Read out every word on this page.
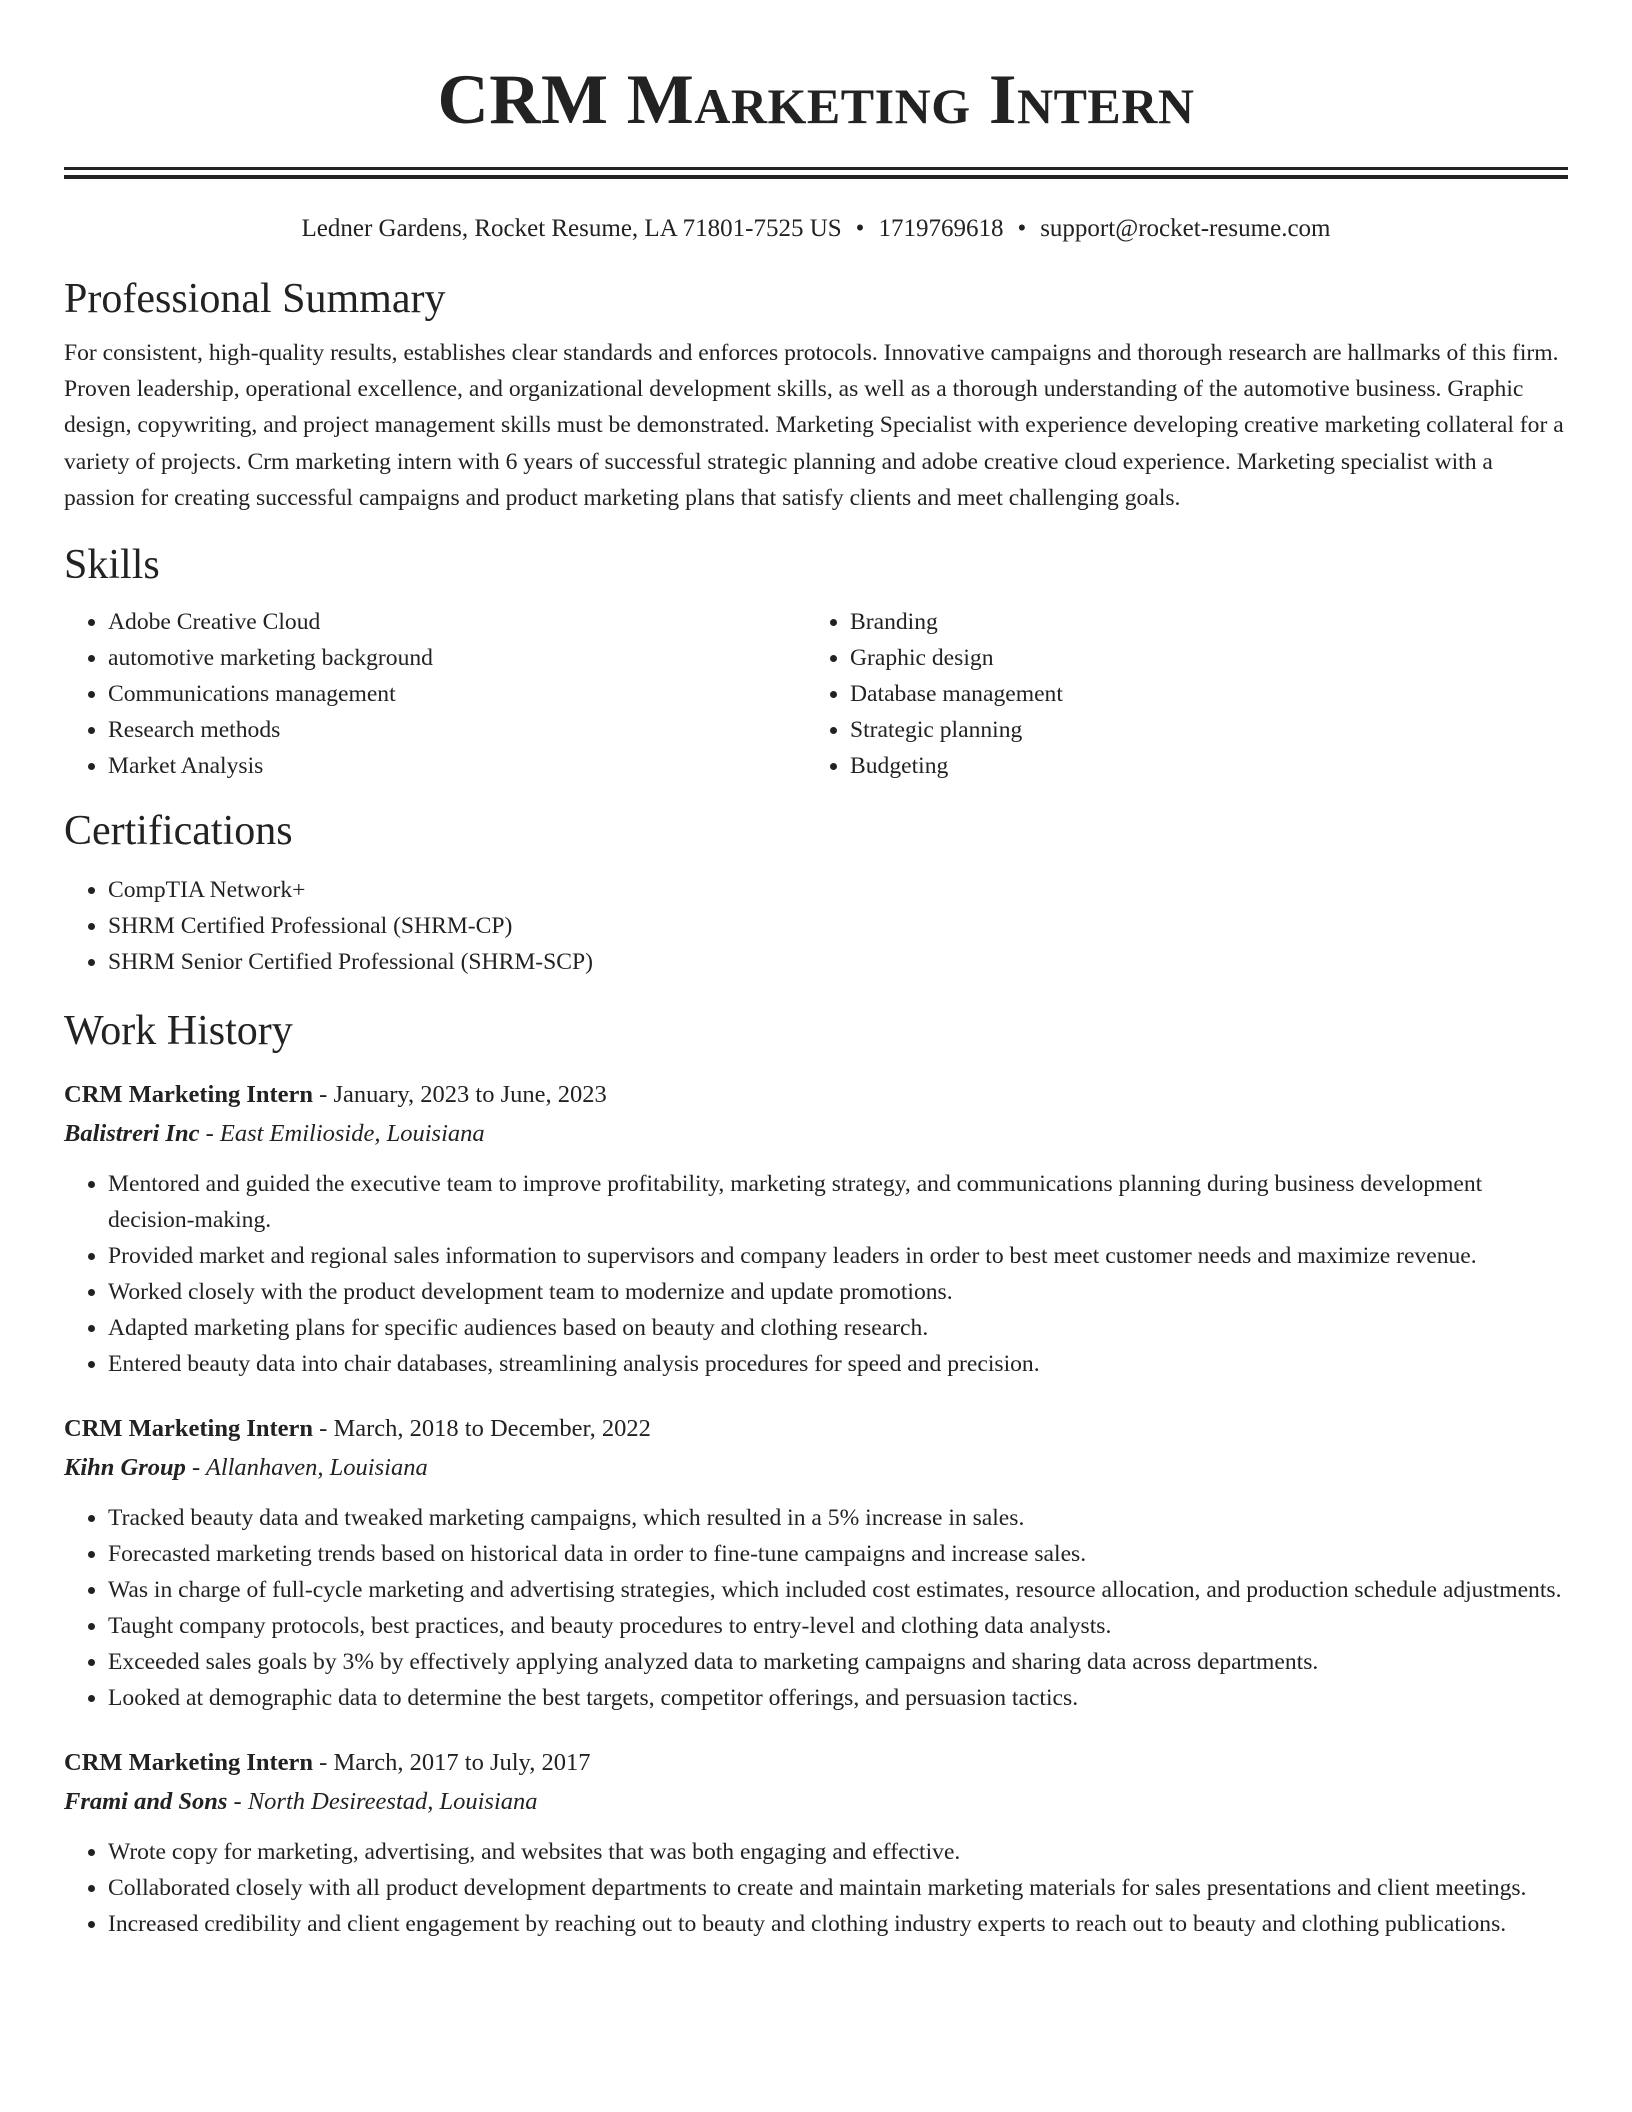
CRM Marketing Intern
Ledner Gardens, Rocket Resume, LA 71801-7525 US • 1719769618 • support@rocket-resume.com
Professional Summary

For consistent, high-quality results, establishes clear standards and enforces protocols. Innovative campaigns and thorough research are hallmarks of this firm. Proven leadership, operational excellence, and organizational development skills, as well as a thorough understanding of the automotive business. Graphic design, copywriting, and project management skills must be demonstrated. Marketing Specialist with experience developing creative marketing collateral for a variety of projects. Crm marketing intern with 6 years of successful strategic planning and adobe creative cloud experience. Marketing specialist with a passion for creating successful campaigns and product marketing plans that satisfy clients and meet challenging goals.

Skills
• Adobe Creative Cloud
• automotive marketing background
• Communications management
• Research methods
• Market Analysis
• Branding
• Graphic design
• Database management
• Strategic planning
• Budgeting
Certifications
• CompTIA Network+
• SHRM Certified Professional (SHRM-CP)
• SHRM Senior Certified Professional (SHRM-SCP)
Work History
CRM Marketing Intern - January, 2023 to June, 2023
Balistreri Inc - East Emilioside, Louisiana
• Mentored and guided the executive team to improve profitability, marketing strategy, and communications planning during business development decision-making.
• Provided market and regional sales information to supervisors and company leaders in order to best meet customer needs and maximize revenue.
• Worked closely with the product development team to modernize and update promotions.
• Adapted marketing plans for specific audiences based on beauty and clothing research.
• Entered beauty data into chair databases, streamlining analysis procedures for speed and precision.
CRM Marketing Intern - March, 2018 to December, 2022
Kihn Group - Allanhaven, Louisiana
• Tracked beauty data and tweaked marketing campaigns, which resulted in a 5% increase in sales.
• Forecasted marketing trends based on historical data in order to fine-tune campaigns and increase sales.
• Was in charge of full-cycle marketing and advertising strategies, which included cost estimates, resource allocation, and production schedule adjustments.
• Taught company protocols, best practices, and beauty procedures to entry-level and clothing data analysts.
• Exceeded sales goals by 3% by effectively applying analyzed data to marketing campaigns and sharing data across departments.
• Looked at demographic data to determine the best targets, competitor offerings, and persuasion tactics.
CRM Marketing Intern - March, 2017 to July, 2017
Frami and Sons - North Desireestad, Louisiana
• Wrote copy for marketing, advertising, and websites that was both engaging and effective.
• Collaborated closely with all product development departments to create and maintain marketing materials for sales presentations and client meetings.
• Increased credibility and client engagement by reaching out to beauty and clothing industry experts to reach out to beauty and clothing publications.
